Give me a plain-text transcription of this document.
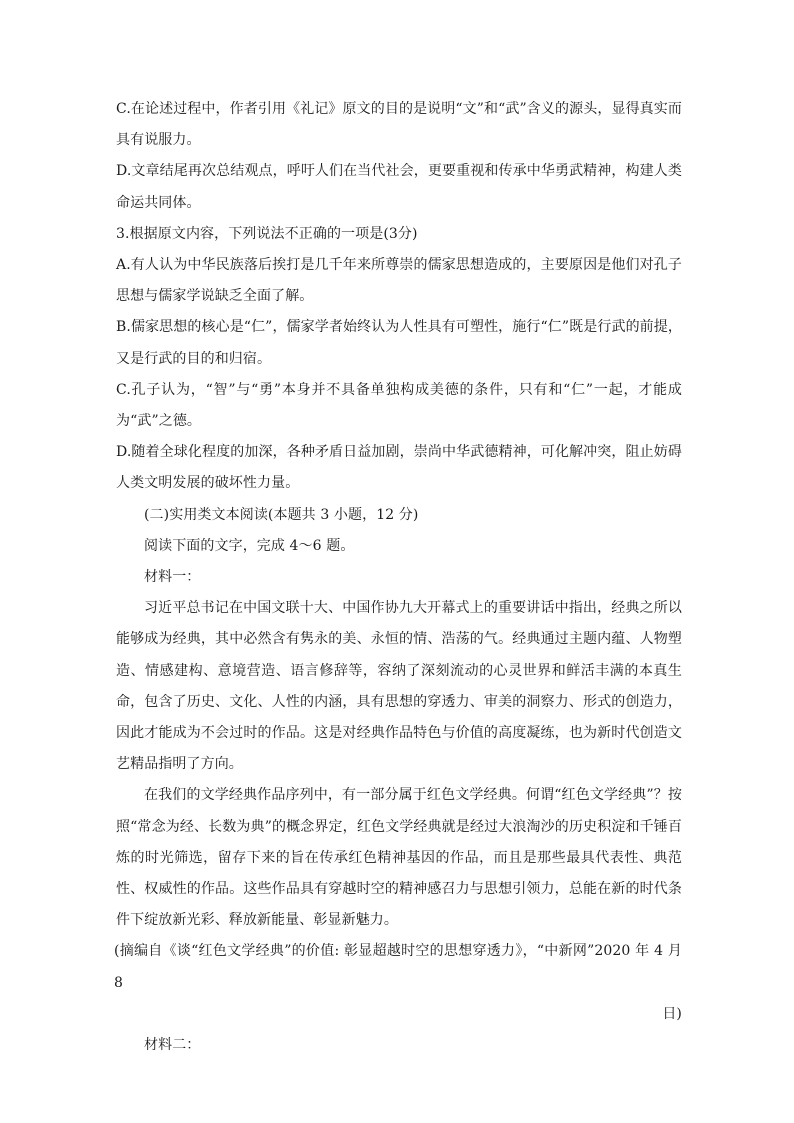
C.在论述过程中，作者引用《礼记》原文的目的是说明“文”和“武”含义的源头，显得真实而具有说服力。

D.文章结尾再次总结观点，呼吁人们在当代社会，更要重视和传承中华勇武精神，构建人类命运共同体。

3.根据原文内容，下列说法不正确的一项是(3分)

A.有人认为中华民族落后挨打是几千年来所尊崇的儒家思想造成的，主要原因是他们对孔子思想与儒家学说缺乏全面了解。

B.儒家思想的核心是“仁”，儒家学者始终认为人性具有可塑性，施行“仁”既是行武的前提，又是行武的目的和归宿。

C.孔子认为，“智”与“勇”本身并不具备单独构成美德的条件，只有和“仁”一起，才能成为“武”之德。

D.随着全球化程度的加深，各种矛盾日益加剧，崇尚中华武德精神，可化解冲突，阻止妨碍人类文明发展的破坏性力量。

(二)实用类文本阅读(本题共 3 小题，12 分)

阅读下面的文字，完成 4～6 题。

材料一：

习近平总书记在中国文联十大、中国作协九大开幕式上的重要讲话中指出，经典之所以能够成为经典，其中必然含有隽永的美、永恒的情、浩荡的气。经典通过主题内蕴、人物塑造、情感建构、意境营造、语言修辞等，容纳了深刻流动的心灵世界和鲜活丰满的本真生命，包含了历史、文化、人性的内涵，具有思想的穿透力、审美的洞察力、形式的创造力，因此才能成为不会过时的作品。这是对经典作品特色与价值的高度凝练，也为新时代创造文艺精品指明了方向。

在我们的文学经典作品序列中，有一部分属于红色文学经典。何谓“红色文学经典”？按照“常念为经、长数为典”的概念界定，红色文学经典就是经过大浪淘沙的历史积淀和千锤百炼的时光筛选，留存下来的旨在传承红色精神基因的作品，而且是那些最具代表性、典范性、权威性的作品。这些作品具有穿越时空的精神感召力与思想引领力，总能在新的时代条件下绽放新光彩、释放新能量、彰显新魅力。

(摘编自《谈“红色文学经典”的价值: 彰显超越时空的思想穿透力》，“中新网”2020 年 4 月 8

日)

材料二：
